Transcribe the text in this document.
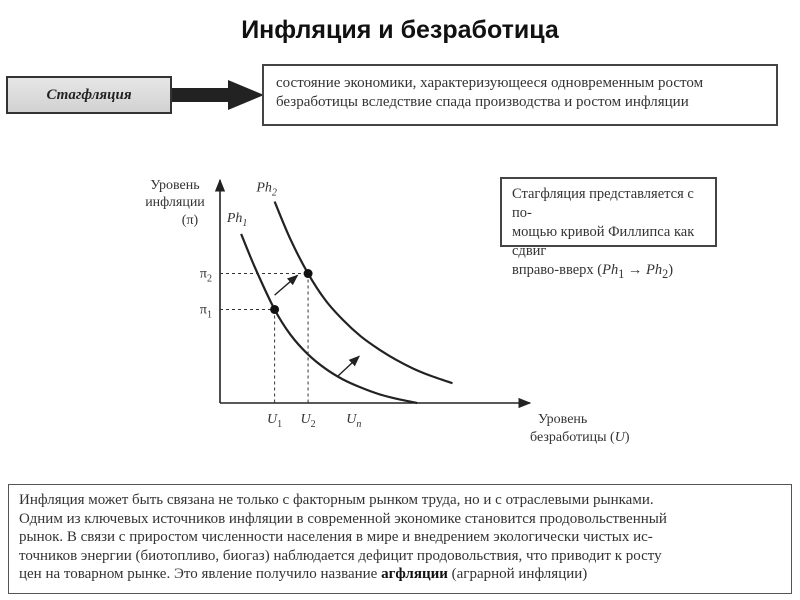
Инфляция и безработица
Стагфляция

состояние экономики, характеризующееся одновременным ростом

безработицы вследствие спада производства и ростом инфляции

Стагфляция представляется с по-

мощью кривой Филлипса как сдвиг

вправо-вверх $(Ph_1 \to Ph_2)$

Уровень
инфляции
(π)
Уровень
безработицы (U)
$Ph_1$
$Ph_2$
$\pi_1$
$U_1$
$\pi_2$
$U_2$ $U_n$

Инфляция может быть связана не только с факторным рынком труда, но и с отраслевыми рынками.

Одним из ключевых источников инфляции в современной экономике становится продовольственный

рынок. В связи с приростом численности населения в мире и внедрением экологически чистых ис-

точников энергии (биотопливо, биогаз) наблюдается дефицит продовольствия, что приводит к росту

цен на товарном рынке. Это явление получило название агфляции (аграрной инфляции)
